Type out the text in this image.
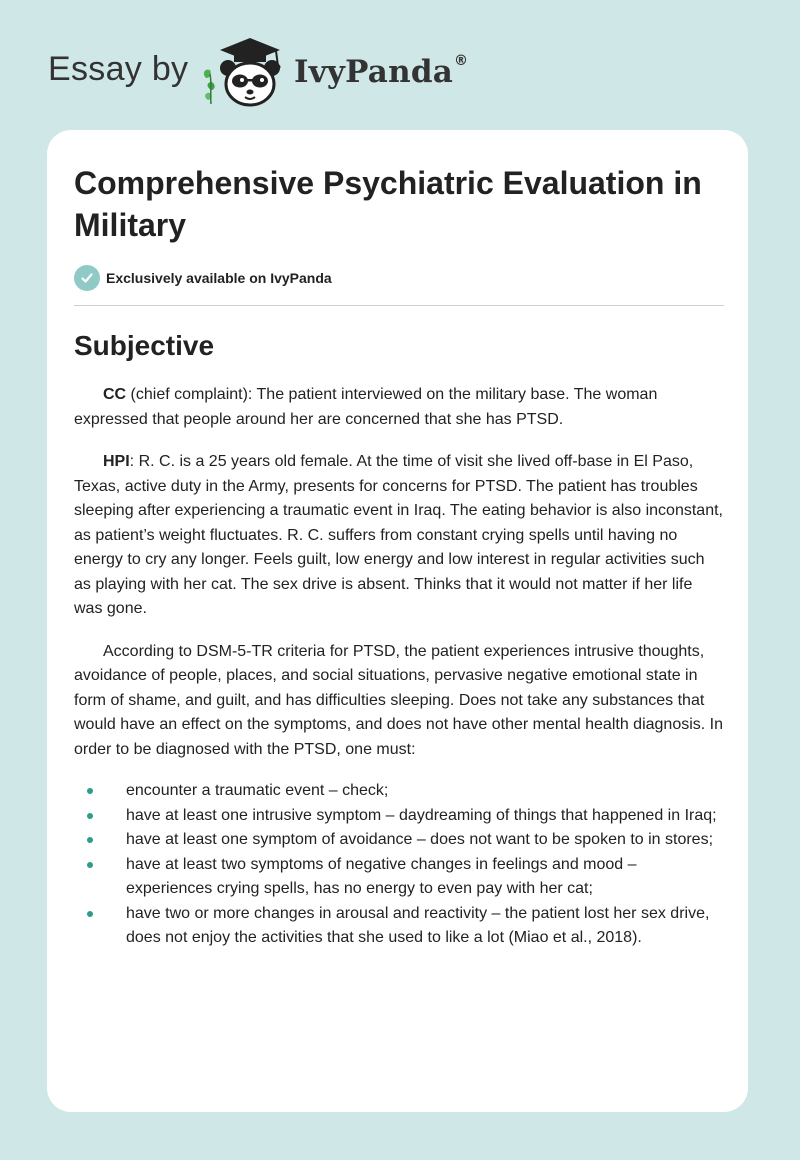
Essay by	IvyPanda®
Comprehensive Psychiatric Evaluation in Military
Exclusively available on IvyPanda
Subjective

CC (chief complaint): The patient interviewed on the military base. The woman expressed that people around her are concerned that she has PTSD.

HPI: R. C. is a 25 years old female. At the time of visit she lived off-base in El Paso, Texas, active duty in the Army, presents for concerns for PTSD. The patient has troubles sleeping after experiencing a traumatic event in Iraq. The eating behavior is also inconstant, as patient’s weight fluctuates. R. C. suffers from constant crying spells until having no energy to cry any longer. Feels guilt, low energy and low interest in regular activities such as playing with her cat. The sex drive is absent. Thinks that it would not matter if her life was gone.

According to DSM-5-TR criteria for PTSD, the patient experiences intrusive thoughts, avoidance of people, places, and social situations, pervasive negative emotional state in form of shame, and guilt, and has difficulties sleeping. Does not take any substances that would have an effect on the symptoms, and does not have other mental health diagnosis. In order to be diagnosed with the PTSD, one must:

encounter a traumatic event – check;
have at least one intrusive symptom – daydreaming of things that happened in Iraq;
have at least one symptom of avoidance – does not want to be spoken to in stores;
have at least two symptoms of negative changes in feelings and mood – experiences crying spells, has no energy to even pay with her cat;
have two or more changes in arousal and reactivity – the patient lost her sex drive, does not enjoy the activities that she used to like a lot (Miao et al., 2018).
